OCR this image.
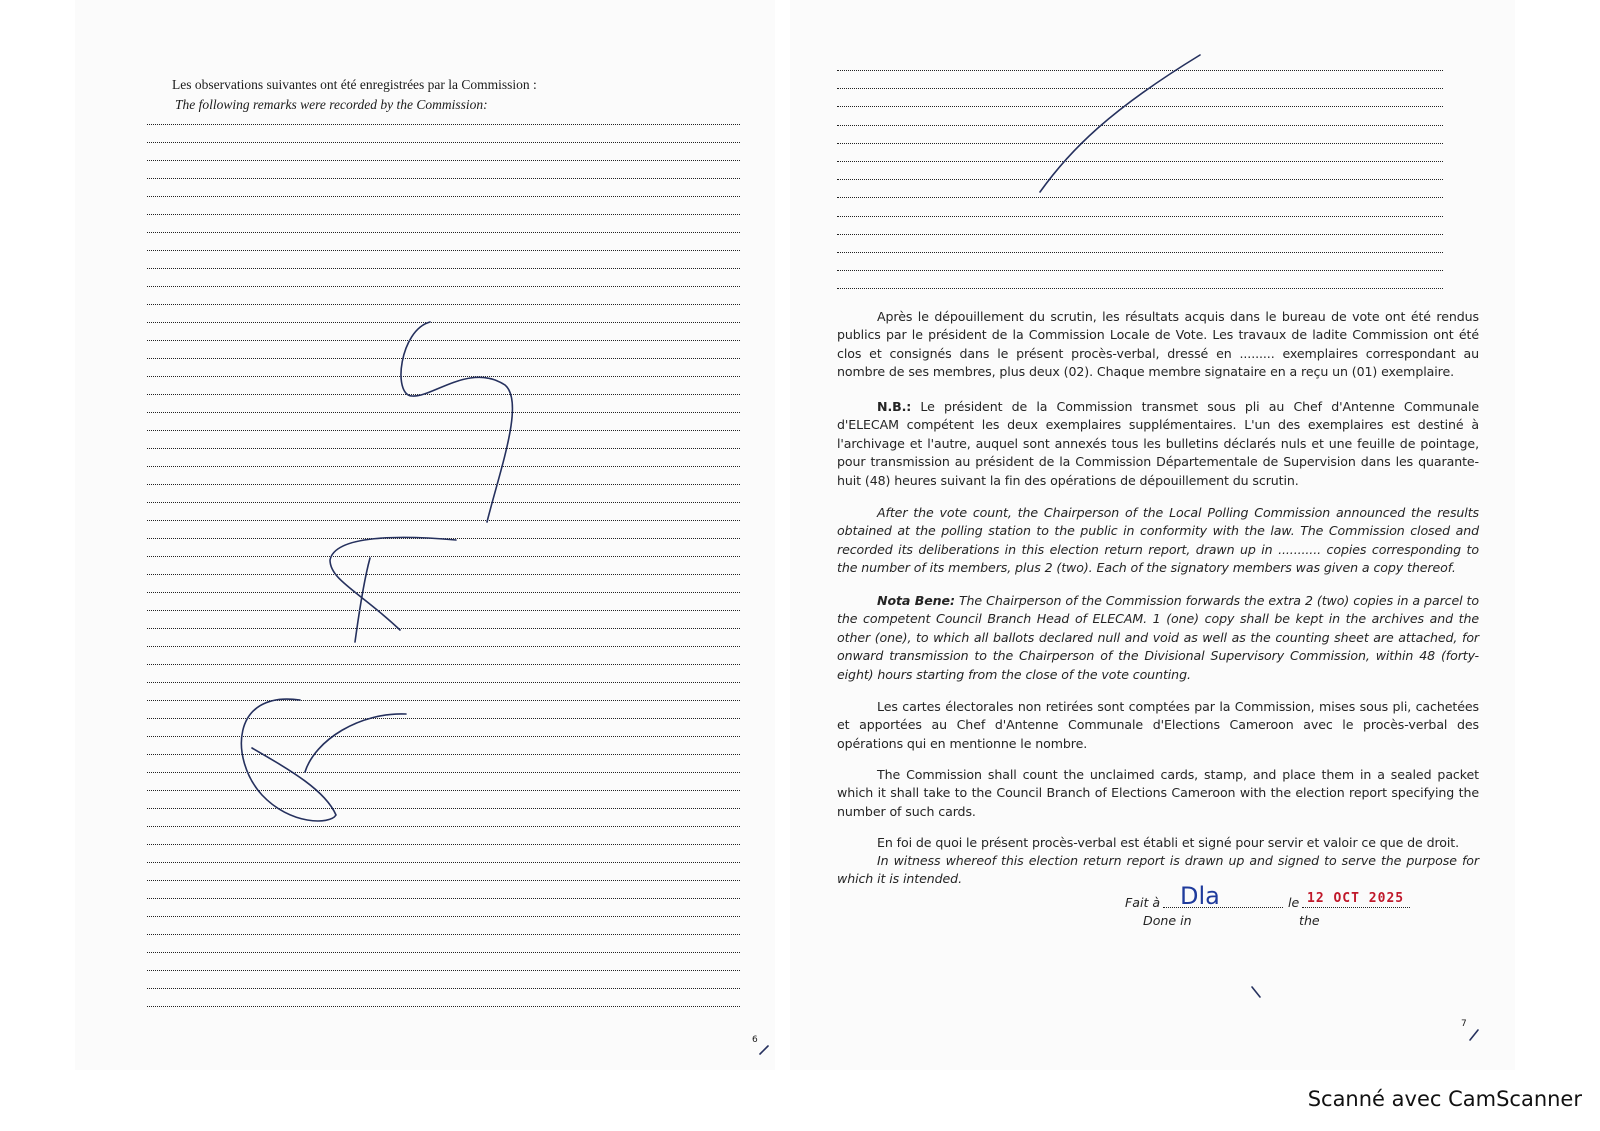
Les observations suivantes ont été enregistrées par la Commission :
The following remarks were recorded by the Commission:
6
Après le dépouillement du scrutin, les résultats acquis dans le bureau de vote ont été rendus publics par le président de la Commission Locale de Vote. Les travaux de ladite Commission ont été clos et consignés dans le présent procès-verbal, dressé en ......... exemplaires correspondant au nombre de ses membres, plus deux (02). Chaque membre signataire en a reçu un (01) exemplaire.
N.B.: Le président de la Commission transmet sous pli au Chef d'Antenne Communale d'ELECAM compétent les deux exemplaires supplémentaires. L'un des exemplaires est destiné à l'archivage et l'autre, auquel sont annexés tous les bulletins déclarés nuls et une feuille de pointage, pour transmission au président de la Commission Départementale de Supervision dans les quarante-huit (48) heures suivant la fin des opérations de dépouillement du scrutin.
After the vote count, the Chairperson of the Local Polling Commission announced the results obtained at the polling station to the public in conformity with the law. The Commission closed and recorded its deliberations in this election return report, drawn up in ........... copies corresponding to the number of its members, plus 2 (two). Each of the signatory members was given a copy thereof.
Nota Bene: The Chairperson of the Commission forwards the extra 2 (two) copies in a parcel to the competent Council Branch Head of ELECAM. 1 (one) copy shall be kept in the archives and the other (one), to which all ballots declared null and void as well as the counting sheet are attached, for onward transmission to the Chairperson of the Divisional Supervisory Commission, within 48 (forty-eight) hours starting from the close of the vote counting.
Les cartes électorales non retirées sont comptées par la Commission, mises sous pli, cachetées et apportées au Chef d'Antenne Communale d'Elections Cameroon avec le procès-verbal des opérations qui en mentionne le nombre.
The Commission shall count the unclaimed cards, stamp, and place them in a sealed packet which it shall take to the Council Branch of Elections Cameroon with the election report specifying the number of such cards.
En foi de quoi le présent procès-verbal est établi et signé pour servir et valoir ce que de droit.
In witness whereof this election return report is drawn up and signed to serve the purpose for which it is intended.
Fait à Dla
Done in
le 12 OCT 2025
the
7
Scanné avec CamScanner
